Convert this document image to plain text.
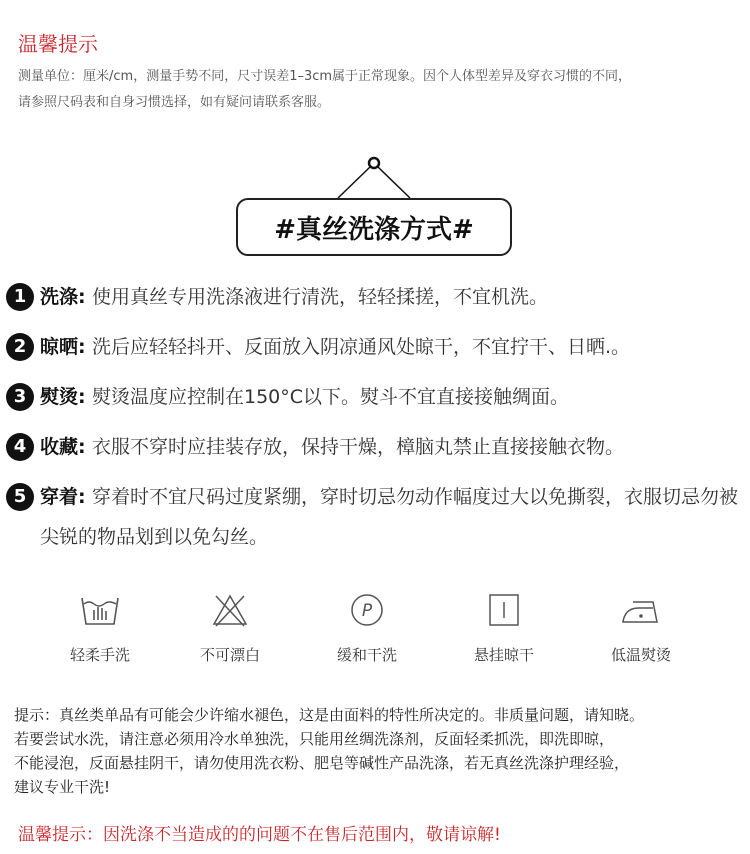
温馨提示
测量单位：厘米/cm，测量手势不同，尺寸误差1–3cm属于正常现象。因个人体型差异及穿衣习惯的不同，
请参照尺码表和自身习惯选择，如有疑问请联系客服。
#真丝洗涤方式#
1 洗涤: 使用真丝专用洗涤液进行清洗，轻轻揉搓，不宜机洗。
2 晾晒: 洗后应轻轻抖开、反面放入阴凉通风处晾干，不宜拧干、日晒.。
3 熨烫: 熨烫温度应控制在150°C以下。熨斗不宜直接接触绸面。
4 收藏: 衣服不穿时应挂装存放，保持干燥，樟脑丸禁止直接接触衣物。
5 穿着: 穿着时不宜尺码过度紧绷，穿时切忌勿动作幅度过大以免撕裂，衣服切忌勿被尖锐的物品划到以免勾丝。
轻柔手洗	不可漂白
P
缓和干洗	悬挂晾干	低温熨烫
提示：真丝类单品有可能会少许缩水褪色，这是由面料的特性所决定的。非质量问题，请知晓。
若要尝试水洗，请注意必须用冷水单独洗，只能用丝绸洗涤剂，反面轻柔抓洗，即洗即晾，
不能浸泡，反面悬挂阴干，请勿使用洗衣粉、肥皂等碱性产品洗涤，若无真丝洗涤护理经验，
建议专业干洗!
温馨提示：因洗涤不当造成的的问题不在售后范围内，敬请谅解!
